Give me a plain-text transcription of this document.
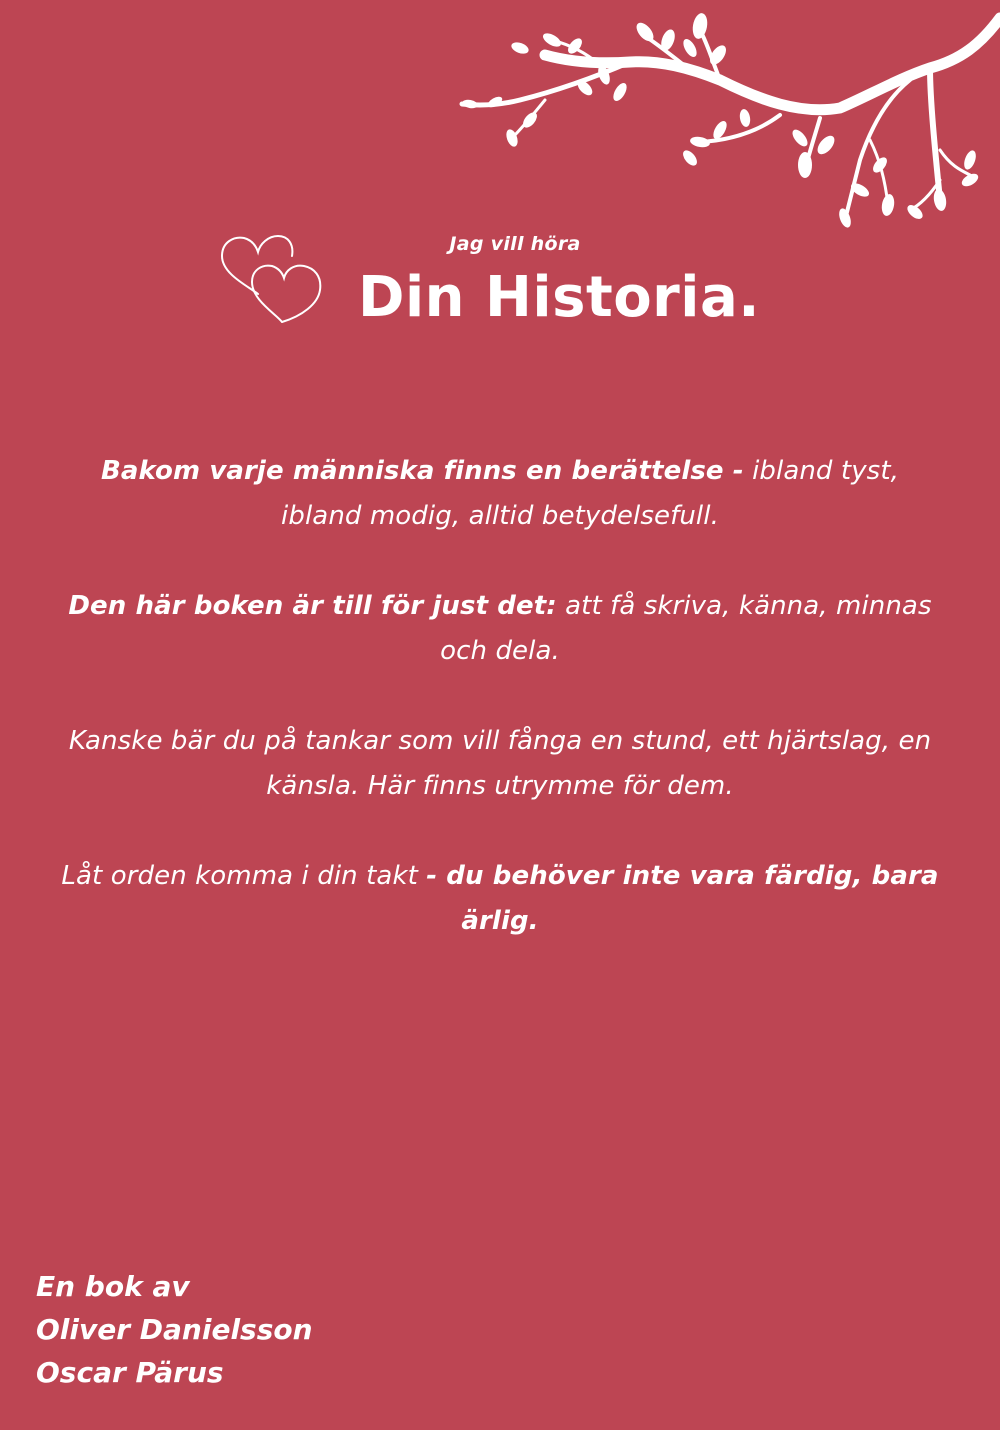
Jag vill höra

Din Historia.

Bakom varje människa finns en berättelse - ibland tyst, ibland modig, alltid betydelsefull.

Den här boken är till för just det: att få skriva, känna, minnas och dela.

Kanske bär du på tankar som vill fånga en stund, ett hjärtslag, en känsla. Här finns utrymme för dem.

Låt orden komma i din takt - du behöver inte vara färdig, bara ärlig.

En bok av
Oliver Danielsson
Oscar Pärus
